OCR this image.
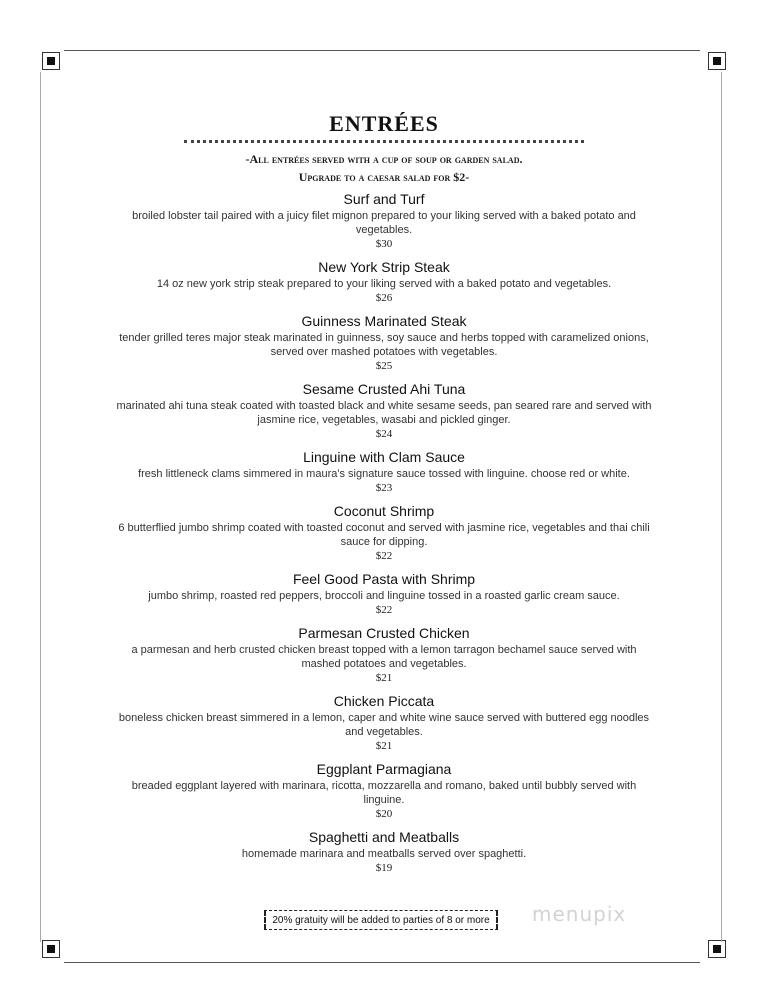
ENTRÉES
-All entrées served with a cup of soup or garden salad.
Upgrade to a caesar salad for $2-
Surf and Turf
broiled lobster tail paired with a juicy filet mignon prepared to your liking served with a baked potato and vegetables.
$30
New York Strip Steak
14 oz new york strip steak prepared to your liking served with a baked potato and vegetables.
$26
Guinness Marinated Steak
tender grilled teres major steak marinated in guinness, soy sauce and herbs topped with caramelized onions, served over mashed potatoes with vegetables.
$25
Sesame Crusted Ahi Tuna
marinated ahi tuna steak coated with toasted black and white sesame seeds, pan seared rare and served with jasmine rice, vegetables, wasabi and pickled ginger.
$24
Linguine with Clam Sauce
fresh littleneck clams simmered in maura's signature sauce tossed with linguine. choose red or white.
$23
Coconut Shrimp
6 butterflied jumbo shrimp coated with toasted coconut and served with jasmine rice, vegetables and thai chili sauce for dipping.
$22
Feel Good Pasta with Shrimp
jumbo shrimp, roasted red peppers, broccoli and linguine tossed in a roasted garlic cream sauce.
$22
Parmesan Crusted Chicken
a parmesan and herb crusted chicken breast topped with a lemon tarragon bechamel sauce served with mashed potatoes and vegetables.
$21
Chicken Piccata
boneless chicken breast simmered in a lemon, caper and white wine sauce served with buttered egg noodles and vegetables.
$21
Eggplant Parmagiana
breaded eggplant layered with marinara, ricotta, mozzarella and romano, baked until bubbly served with linguine.
$20
Spaghetti and Meatballs
homemade marinara and meatballs served over spaghetti.
$19
20% gratuity will be added to parties of 8 or more	menupix
